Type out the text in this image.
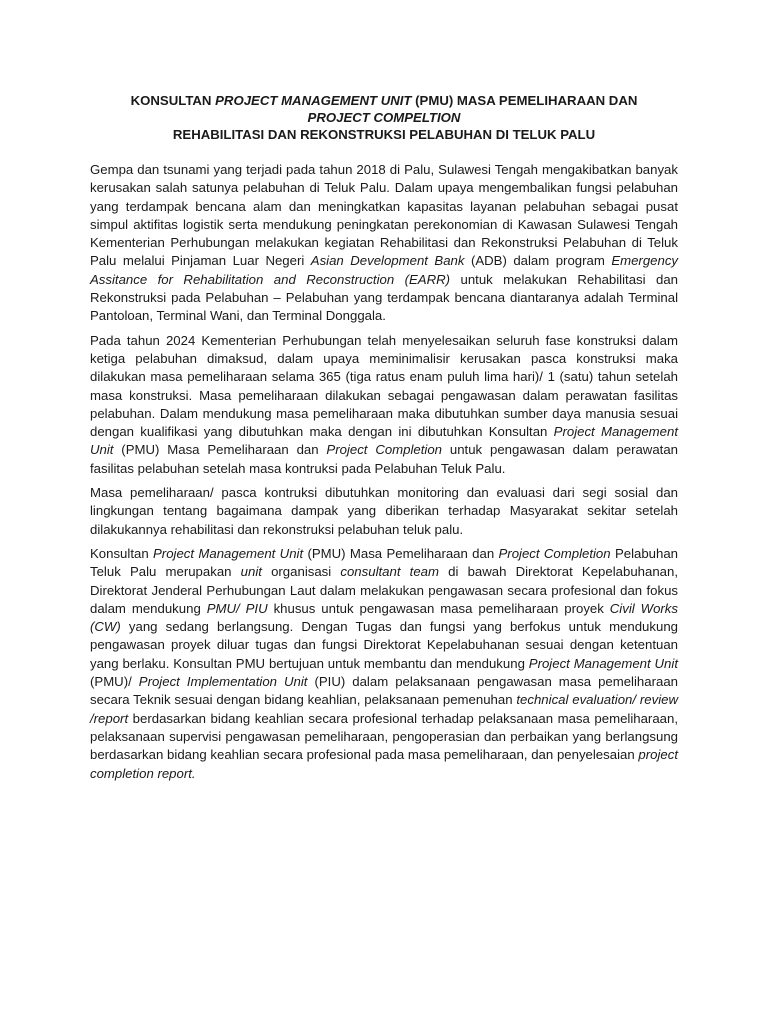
KONSULTAN PROJECT MANAGEMENT UNIT (PMU) MASA PEMELIHARAAN DAN
PROJECT COMPELTION
REHABILITASI DAN REKONSTRUKSI PELABUHAN DI TELUK PALU

Gempa dan tsunami yang terjadi pada tahun 2018 di Palu, Sulawesi Tengah mengakibatkan banyak kerusakan salah satunya pelabuhan di Teluk Palu. Dalam upaya mengembalikan fungsi pelabuhan yang terdampak bencana alam dan meningkatkan kapasitas layanan pelabuhan sebagai pusat simpul aktifitas logistik serta mendukung peningkatan perekonomian di Kawasan Sulawesi Tengah Kementerian Perhubungan melakukan kegiatan Rehabilitasi dan Rekonstruksi Pelabuhan di Teluk Palu melalui Pinjaman Luar Negeri Asian Development Bank (ADB) dalam program Emergency Assitance for Rehabilitation and Reconstruction (EARR) untuk melakukan Rehabilitasi dan Rekonstruksi pada Pelabuhan – Pelabuhan yang terdampak bencana diantaranya adalah Terminal Pantoloan, Terminal Wani, dan Terminal Donggala.

Pada tahun 2024 Kementerian Perhubungan telah menyelesaikan seluruh fase konstruksi dalam ketiga pelabuhan dimaksud, dalam upaya meminimalisir kerusakan pasca konstruksi maka dilakukan masa pemeliharaan selama 365 (tiga ratus enam puluh lima hari)/ 1 (satu) tahun setelah masa konstruksi. Masa pemeliharaan dilakukan sebagai pengawasan dalam perawatan fasilitas pelabuhan. Dalam mendukung masa pemeliharaan maka dibutuhkan sumber daya manusia sesuai dengan kualifikasi yang dibutuhkan maka dengan ini dibutuhkan Konsultan Project Management Unit (PMU) Masa Pemeliharaan dan Project Completion untuk pengawasan dalam perawatan fasilitas pelabuhan setelah masa kontruksi pada Pelabuhan Teluk Palu.

Masa pemeliharaan/ pasca kontruksi dibutuhkan monitoring dan evaluasi dari segi sosial dan lingkungan tentang bagaimana dampak yang diberikan terhadap Masyarakat sekitar setelah dilakukannya rehabilitasi dan rekonstruksi pelabuhan teluk palu.

Konsultan Project Management Unit (PMU) Masa Pemeliharaan dan Project Completion Pelabuhan Teluk Palu merupakan unit organisasi consultant team di bawah Direktorat Kepelabuhanan, Direktorat Jenderal Perhubungan Laut dalam melakukan pengawasan secara profesional dan fokus dalam mendukung PMU/ PIU khusus untuk pengawasan masa pemeliharaan proyek Civil Works (CW) yang sedang berlangsung. Dengan Tugas dan fungsi yang berfokus untuk mendukung pengawasan proyek diluar tugas dan fungsi Direktorat Kepelabuhanan sesuai dengan ketentuan yang berlaku. Konsultan PMU bertujuan untuk membantu dan mendukung Project Management Unit (PMU)/ Project Implementation Unit (PIU) dalam pelaksanaan pengawasan masa pemeliharaan secara Teknik sesuai dengan bidang keahlian, pelaksanaan pemenuhan technical evaluation/ review /report berdasarkan bidang keahlian secara profesional terhadap pelaksanaan masa pemeliharaan, pelaksanaan supervisi pengawasan pemeliharaan, pengoperasian dan perbaikan yang berlangsung berdasarkan bidang keahlian secara profesional pada masa pemeliharaan, dan penyelesaian project completion report.
